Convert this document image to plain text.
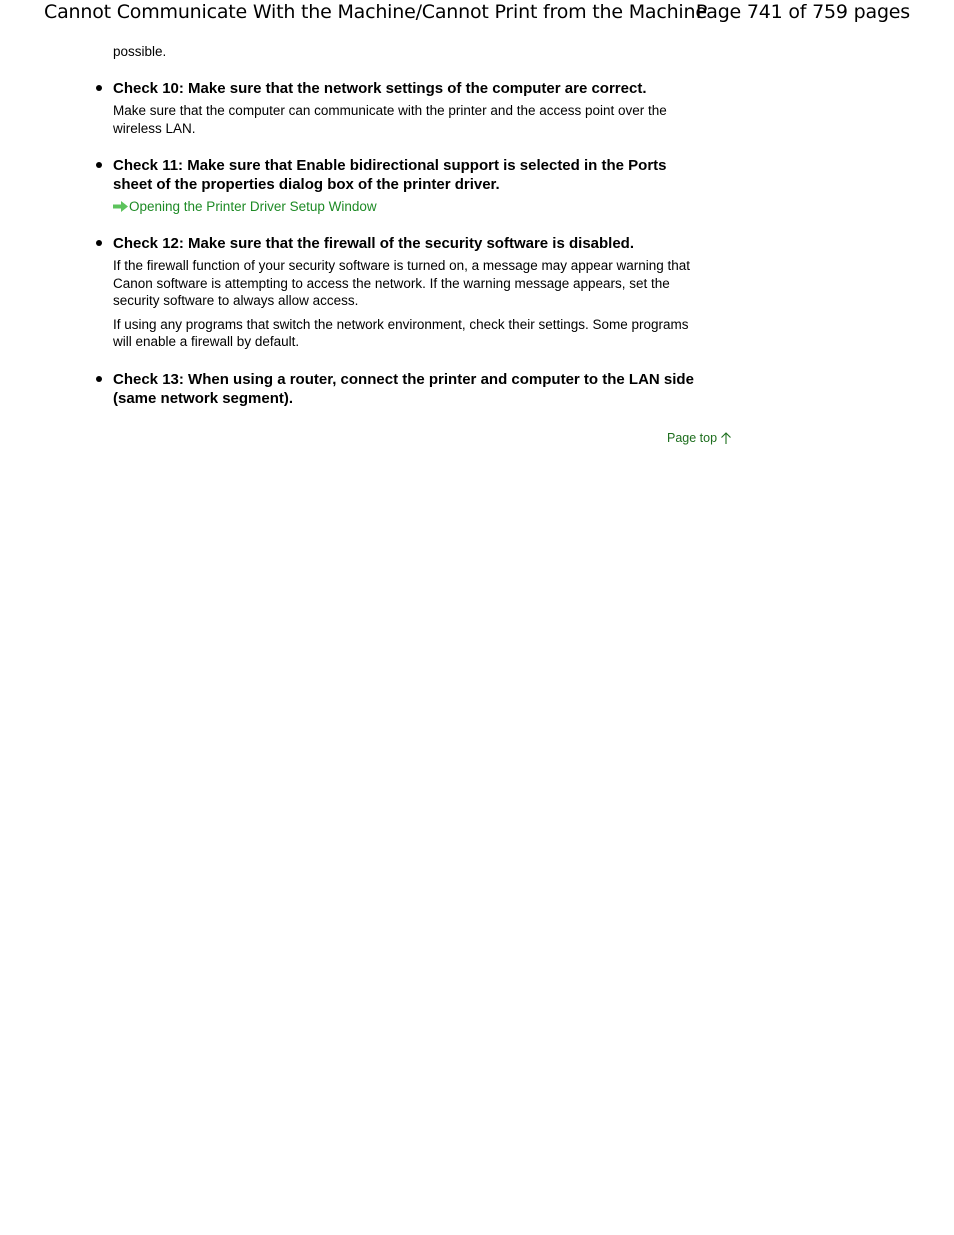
Cannot Communicate With the Machine/Cannot Print from the Machine
Page 741 of 759 pages
possible.
Check 10: Make sure that the network settings of the computer are correct.

Make sure that the computer can communicate with the printer and the access point over the wireless LAN.

Check 11: Make sure that Enable bidirectional support is selected in the Ports sheet of the properties dialog box of the printer driver.
Opening the Printer Driver Setup Window
Check 12: Make sure that the firewall of the security software is disabled.

If the firewall function of your security software is turned on, a message may appear warning that Canon software is attempting to access the network. If the warning message appears, set the security software to always allow access.

If using any programs that switch the network environment, check their settings. Some programs will enable a firewall by default.

Check 13: When using a router, connect the printer and computer to the LAN side (same network segment).
Page top
